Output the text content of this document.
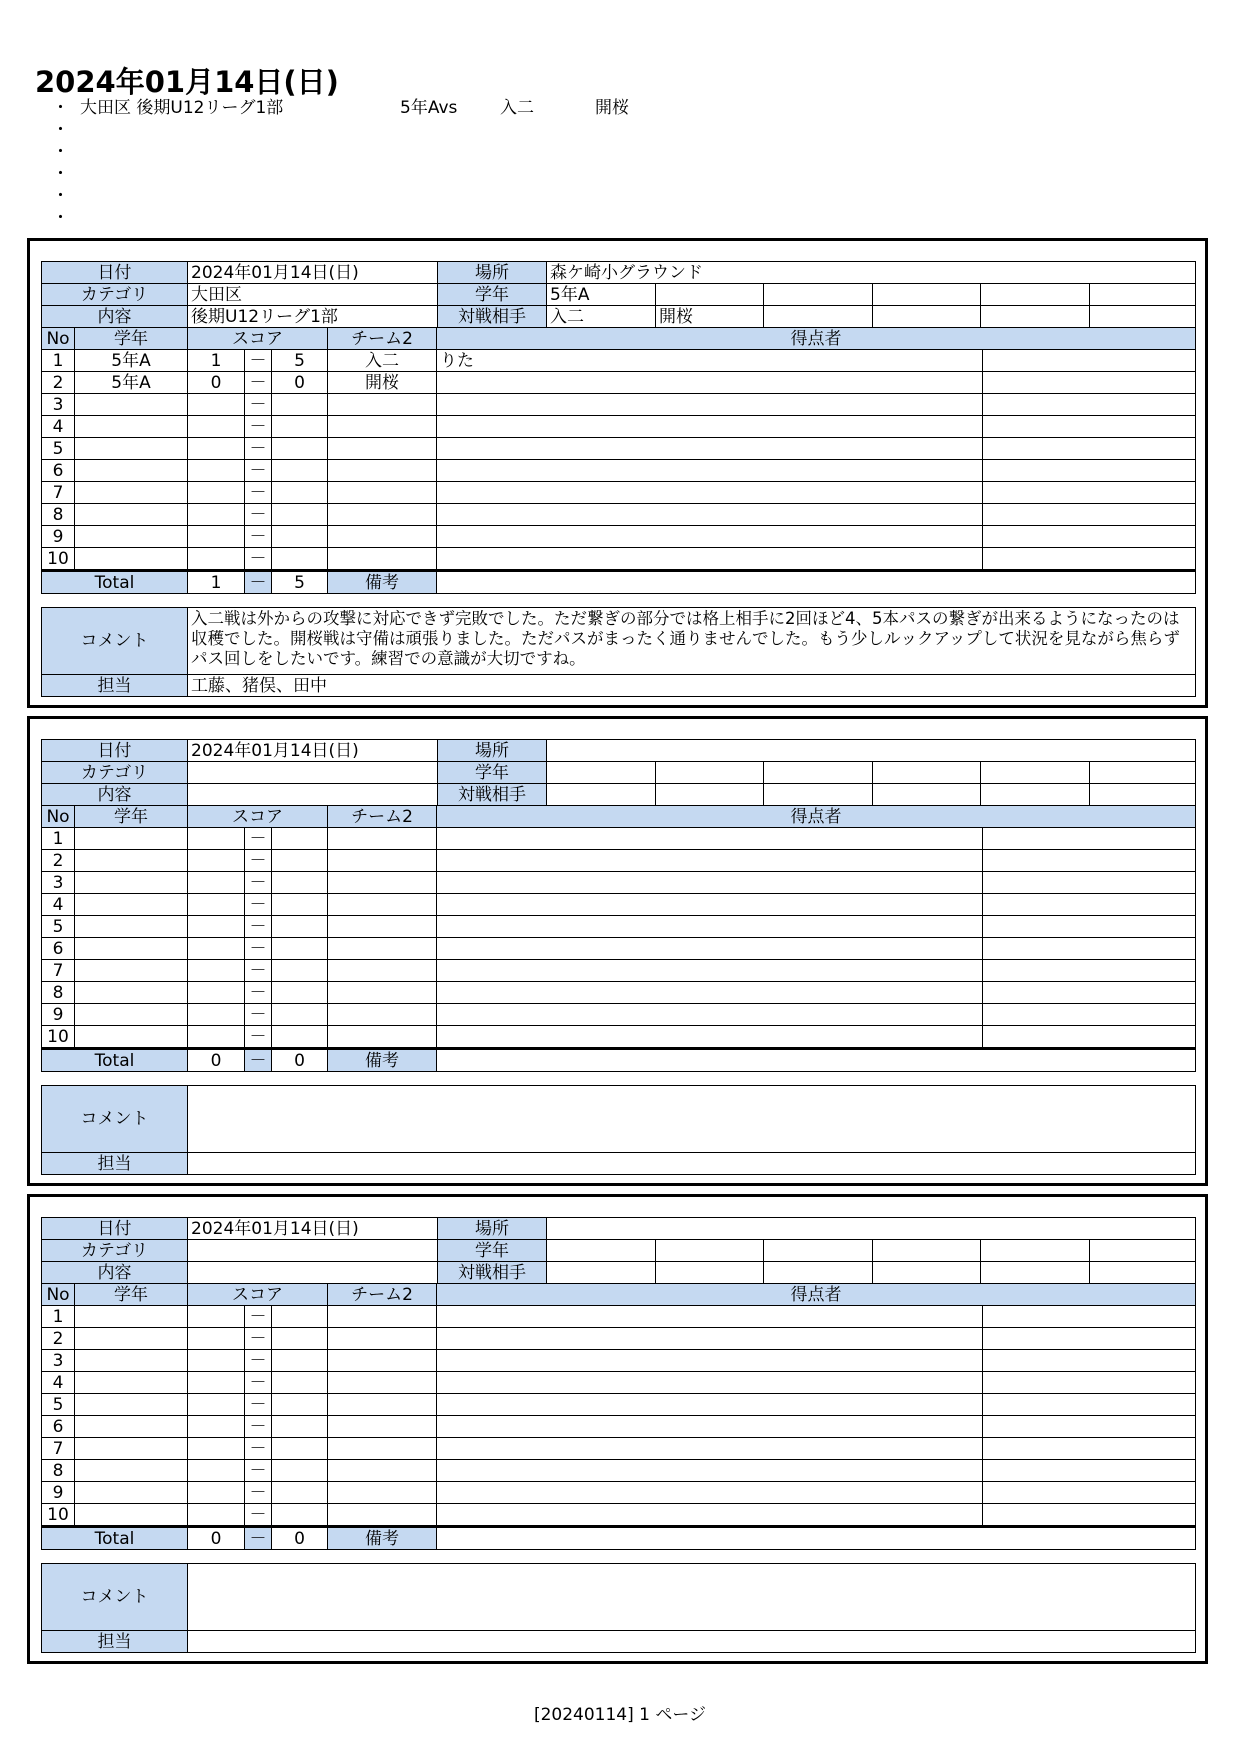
2024年01月14日(日)
・ 大田区 後期U12リーグ1部	5年Avs	入二	開桜
・
・
・
・
・
日付	2024年01月14日(日)	場所	森ケ崎小グラウンド					
カテゴリ	大田区	学年	5年A					
内容	後期U12リーグ1部	対戦相手	入二	開桜				
No	学年	スコア			チーム2	得点者	
1	5年A	1	－	5	入二	りた	
2	5年A	0	－	0	開桜		
3			－				
4			－				
5			－				
6			－				
7			－				
8			－				
9			－				
10			－				
Total		1	－	5	備考		
コメント	入二戦は外からの攻撃に対応できず完敗でした。ただ繋ぎの部分では格上相手に2回ほど4、5本パスの繋ぎが出来るようになったのは収穫でした。開桜戦は守備は頑張りました。ただパスがまったく通りませんでした。もう少しルックアップして状況を見ながら焦らずパス回しをしたいです。練習での意識が大切ですね。
担当	工藤、猪俣、田中
日付	2024年01月14日(日)	場所						
カテゴリ		学年						
内容		対戦相手						
No	学年	スコア			チーム2	得点者	
1			－				
2			－				
3			－				
4			－				
5			－				
6			－				
7			－				
8			－				
9			－				
10			－				
Total		0	－	0	備考		
コメント	
担当	
日付	2024年01月14日(日)	場所						
カテゴリ		学年						
内容		対戦相手						
No	学年	スコア			チーム2	得点者	
1			－				
2			－				
3			－				
4			－				
5			－				
6			－				
7			－				
8			－				
9			－				
10			－				
Total		0	－	0	備考		
コメント	
担当	
[20240114] 1 ページ
